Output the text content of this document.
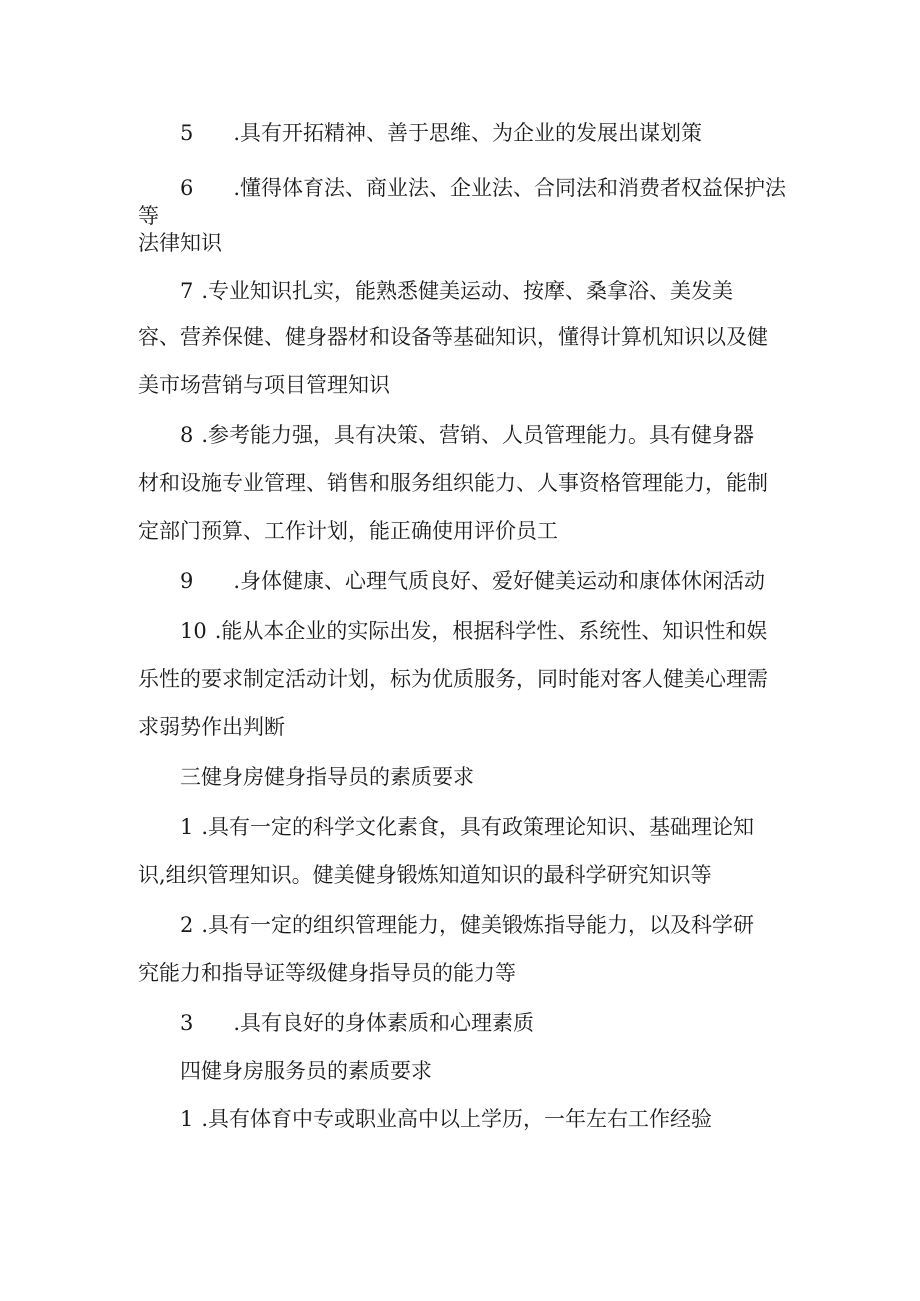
5 .具有开拓精神、善于思维、为企业的发展出谋划策
6 .懂得体育法、商业法、企业法、合同法和消费者权益保护法
等
法律知识
7 .专业知识扎实，能熟悉健美运动、按摩、桑拿浴、美发美
容、营养保健、健身器材和设备等基础知识，懂得计算机知识以及健
美市场营销与项目管理知识
8 .参考能力强，具有决策、营销、人员管理能力。具有健身器
材和设施专业管理、销售和服务组织能力、人事资格管理能力，能制
定部门预算、工作计划，能正确使用评价员工
9 .身体健康、心理气质良好、爱好健美运动和康体休闲活动
10 .能从本企业的实际出发，根据科学性、系统性、知识性和娱
乐性的要求制定活动计划，标为优质服务，同时能对客人健美心理需
求弱势作出判断
三健身房健身指导员的素质要求
1 .具有一定的科学文化素食，具有政策理论知识、基础理论知
识,组织管理知识。健美健身锻炼知道知识的最科学研究知识等
2 .具有一定的组织管理能力，健美锻炼指导能力，以及科学研
究能力和指导证等级健身指导员的能力等
3 .具有良好的身体素质和心理素质
四健身房服务员的素质要求
1 .具有体育中专或职业高中以上学历，一年左右工作经验
